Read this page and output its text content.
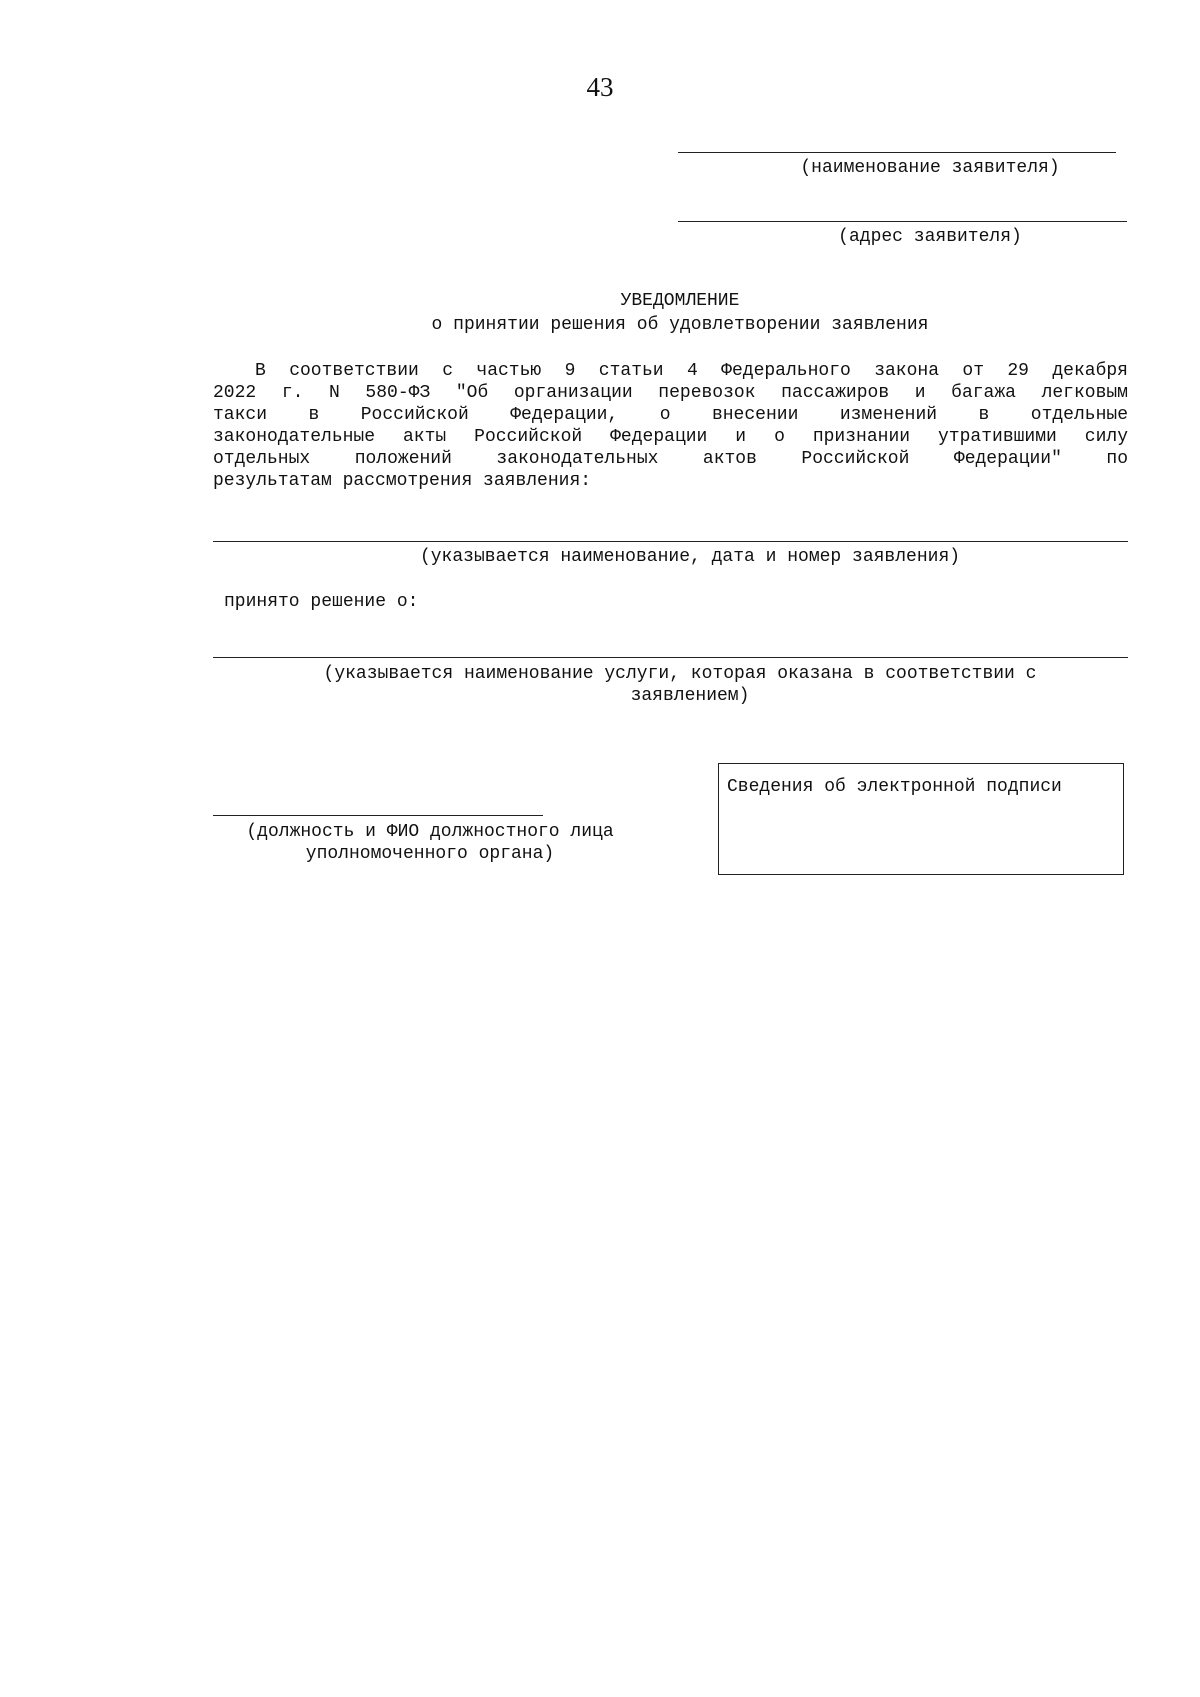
43
(наименование заявителя)
(адрес заявителя)
УВЕДОМЛЕНИЕ
о принятии решения об удовлетворении заявления
В соответствии с частью 9 статьи 4 Федерального закона от 29 декабря
2022 г. N 580-ФЗ "Об организации перевозок пассажиров и багажа легковым
такси в Российской Федерации, о внесении изменений в отдельные
законодательные акты Российской Федерации и о признании утратившими силу
отдельных положений законодательных актов Российской Федерации" по
результатам рассмотрения заявления:
(указывается наименование, дата и номер заявления)
принято решение о:
(указывается наименование услуги, которая оказана в соответствии с
заявлением)
(должность и ФИО должностного лица
уполномоченного органа)
Сведения об электронной подписи
